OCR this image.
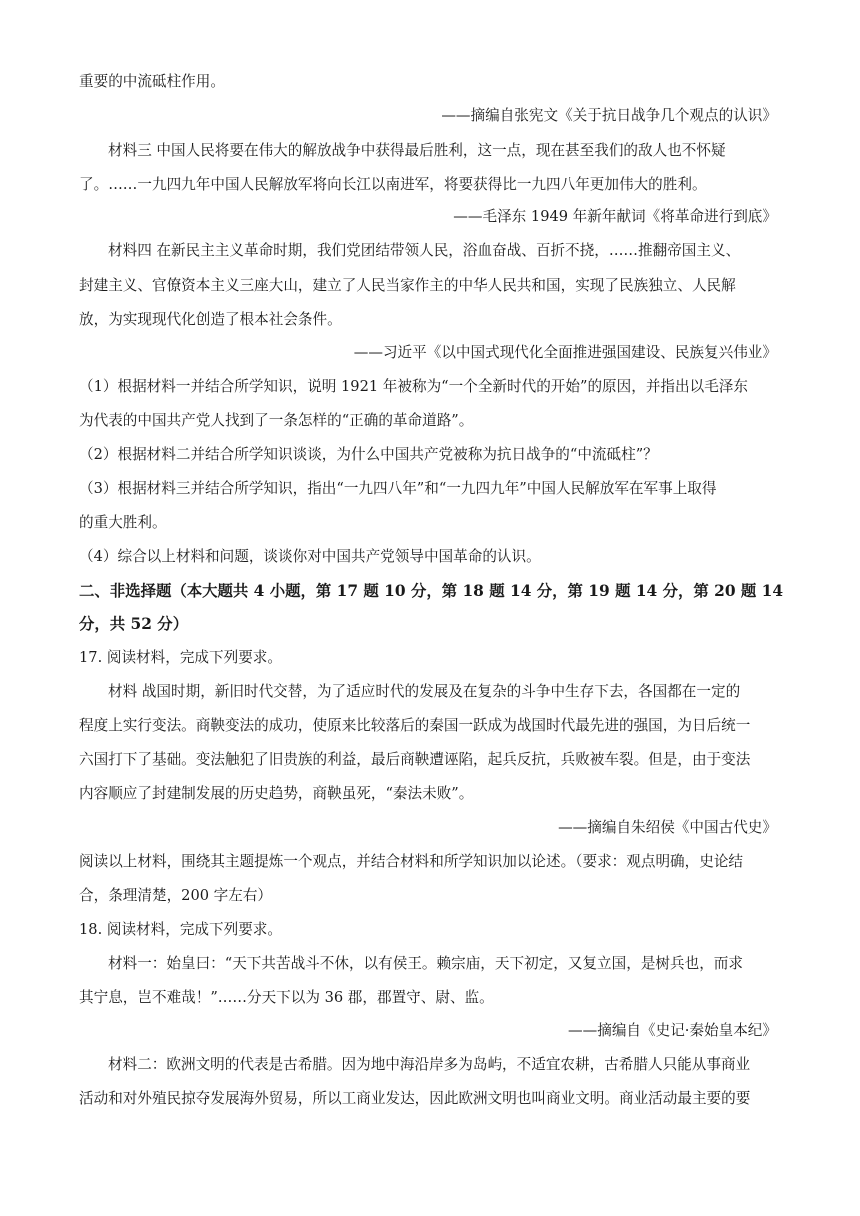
重要的中流砥柱作用。
——摘编自张宪文《关于抗日战争几个观点的认识》
材料三 中国人民将要在伟大的解放战争中获得最后胜利，这一点，现在甚至我们的敌人也不怀疑
了。……一九四九年中国人民解放军将向长江以南进军，将要获得比一九四八年更加伟大的胜利。
——毛泽东 1949 年新年献词《将革命进行到底》
材料四 在新民主主义革命时期，我们党团结带领人民，浴血奋战、百折不挠，……推翻帝国主义、
封建主义、官僚资本主义三座大山，建立了人民当家作主的中华人民共和国，实现了民族独立、人民解
放，为实现现代化创造了根本社会条件。
——习近平《以中国式现代化全面推进强国建设、民族复兴伟业》
（1）根据材料一并结合所学知识，说明 1921 年被称为“一个全新时代的开始”的原因，并指出以毛泽东
为代表的中国共产党人找到了一条怎样的“正确的革命道路”。
（2）根据材料二并结合所学知识谈谈，为什么中国共产党被称为抗日战争的“中流砥柱”？
（3）根据材料三并结合所学知识，指出“一九四八年”和“一九四九年”中国人民解放军在军事上取得
的重大胜利。
（4）综合以上材料和问题，谈谈你对中国共产党领导中国革命的认识。
二、非选择题（本大题共 4 小题，第 17 题 10 分，第 18 题 14 分，第 19 题 14 分，第 20 题 14
分，共 52 分）
17. 阅读材料，完成下列要求。
材料 战国时期，新旧时代交替，为了适应时代的发展及在复杂的斗争中生存下去，各国都在一定的
程度上实行变法。商鞅变法的成功，使原来比较落后的秦国一跃成为战国时代最先进的强国，为日后统一
六国打下了基础。变法触犯了旧贵族的利益，最后商鞅遭诬陷，起兵反抗，兵败被车裂。但是，由于变法
内容顺应了封建制发展的历史趋势，商鞅虽死，“秦法未败”。
——摘编自朱绍侯《中国古代史》
阅读以上材料，围绕其主题提炼一个观点，并结合材料和所学知识加以论述。（要求：观点明确，史论结
合，条理清楚，200 字左右）
18. 阅读材料，完成下列要求。
材料一：始皇曰：“天下共苦战斗不休，以有侯王。赖宗庙，天下初定，又复立国，是树兵也，而求
其宁息，岂不难哉！”……分天下以为 36 郡，郡置守、尉、监。
——摘编自《史记·秦始皇本纪》
材料二：欧洲文明的代表是古希腊。因为地中海沿岸多为岛屿，不适宜农耕，古希腊人只能从事商业
活动和对外殖民掠夺发展海外贸易，所以工商业发达，因此欧洲文明也叫商业文明。商业活动最主要的要
